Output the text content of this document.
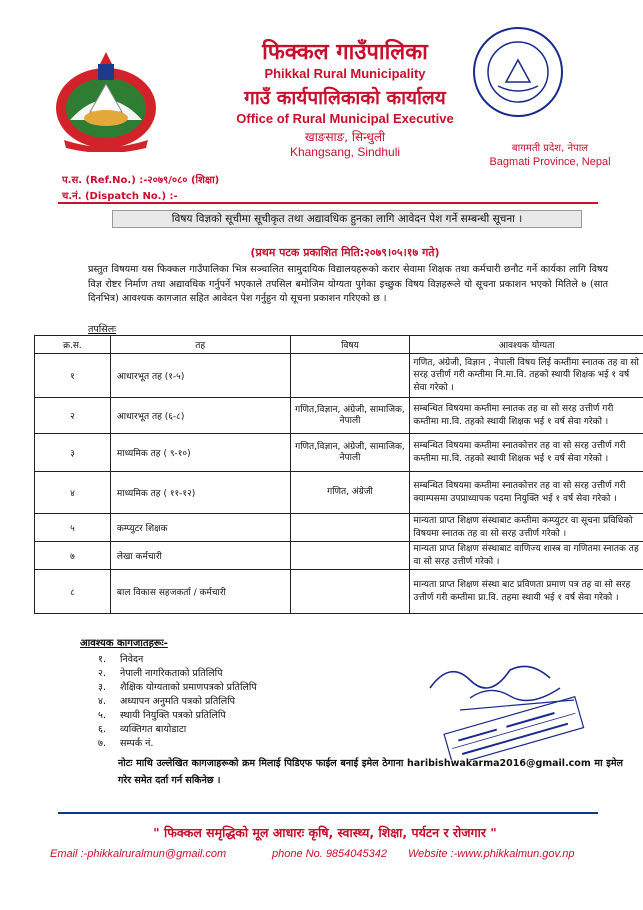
फिक्कल गाउँपालिका
Phikkal Rural Municipality
गाउँ कार्यपालिकाको कार्यालय
Office of Rural Municipal Executive
खाङसाङ, सिन्धुली
Khangsang, Sindhuli	बागमती प्रदेश, नेपाल
Bagmati Province, Nepal
प.स. (Ref.No.) :-२०७९/०८० (शिक्षा)
च.नं. (Dispatch No.) :-
विषय विज्ञको सूचीमा सूचीकृत तथा अद्यावधिक हुनका लागि आवेदन पेश गर्ने सम्बन्धी सूचना ।
(प्रथम पटक प्रकाशित मिति:२०७९।०५।१७ गते)
प्रस्तुत विषयमा यस फिक्कल गाउँपालिका भित्र सञ्चालित सामुदायिक विद्यालयहरूको करार सेवामा शिक्षक तथा कर्मचारी छनौट गर्ने कार्यका लागि विषय विज्ञ रोष्टर निर्माण तथा अद्यावधिक गर्नुपर्ने भएकाले तपसिल बमोजिम योग्यता पुगेका इच्छुक विषय विज्ञहरूले यो सूचना प्रकाशन भएको मितिले ७ (सात दिनभित्र) आवश्यक कागजात सहित आवेदन पेश गर्नुहुन यो सूचना प्रकाशन गरिएको छ ।
तपसिलः
क्र.स.	तह	विषय	आवश्यक योग्यता
१	आधारभूत तह (१-५)		गणित, अंग्रेजी, विज्ञान , नेपाली विषय लिई कम्तीमा स्नातक तह वा सो सरह उत्तीर्ण गरी कम्तीमा नि.मा.वि. तहको स्थायी शिक्षक भई १ वर्ष सेवा गरेको ।
२	आधारभूत तह (६-८)	गणित,विज्ञान, अंग्रेजी, सामाजिक, नेपाली	सम्बन्धित विषयमा कम्तीमा स्नातक तह वा सो सरह उत्तीर्ण गरी कम्तीमा मा.वि. तहको स्थायी शिक्षक भई १ वर्ष सेवा गरेको ।
३	माध्यमिक तह ( ९-१०)	गणित,विज्ञान, अंग्रेजी, सामाजिक, नेपाली	सम्बन्धित विषयमा कम्तीमा स्नातकोत्तर तह वा सो सरह उत्तीर्ण गरी कम्तीमा मा.वि. तहको स्थायी शिक्षक भई १ वर्ष सेवा गरेको ।
४	माध्यमिक तह ( ११-१२)	गणित, अंग्रेजी	सम्बन्धित विषयमा कम्तीमा स्नातकोत्तर तह वा सो सरह उत्तीर्ण गरी क्याम्पसमा उपप्राध्यापक पदमा नियुक्ति भई १ वर्ष सेवा गरेको ।
५	कम्प्युटर शिक्षक		मान्यता प्राप्त शिक्षण संस्थाबाट कम्तीमा कम्प्युटर वा सूचना प्रविधिको विषयमा स्नातक तह वा सो सरह उत्तीर्ण गरेको ।
७	लेखा कर्मचारी		मान्यता प्राप्त शिक्षण संस्थाबाट वाणिज्य शास्त्र वा गणितमा स्नातक तह वा सो सरह उत्तीर्ण गरेको ।
८	बाल विकास सहजकर्ता / कर्मचारी		मान्यता प्राप्त शिक्षण संस्था बाट प्रविणता प्रमाण पत्र तह वा सो सरह उत्तीर्ण गरी कम्तीमा प्रा.वि. तहमा स्थायी भई १ वर्ष सेवा गरेको ।
आवश्यक कागजातहरूः-
१. निवेदन
२. नेपाली नागरिकताको प्रतिलिपि
३. शैक्षिक योग्यताको प्रमाणपत्रको प्रतिलिपि
४. अध्यापन अनुमति पत्रको प्रतिलिपि
५. स्थायी नियुक्ति पत्रको प्रतिलिपि
६. व्यक्तिगत बायोडाटा
७. सम्पर्क नं.
नोटः माथि उल्लेखित कागजाहरूको क्रम मिलाई पिडिएफ फाईल बनाई इमेल ठेगाना haribishwakarma2016@gmail.com मा इमेल गरेर समेत दर्ता गर्न सकिनेछ ।
" फिक्कल समृद्धिको मूल आधारः कृषि, स्वास्थ्य, शिक्षा, पर्यटन र रोजगार "
Email :-phikkalruralmun@gmail.com	phone No. 9854045342 Website :-www.phikkalmun.gov.np
